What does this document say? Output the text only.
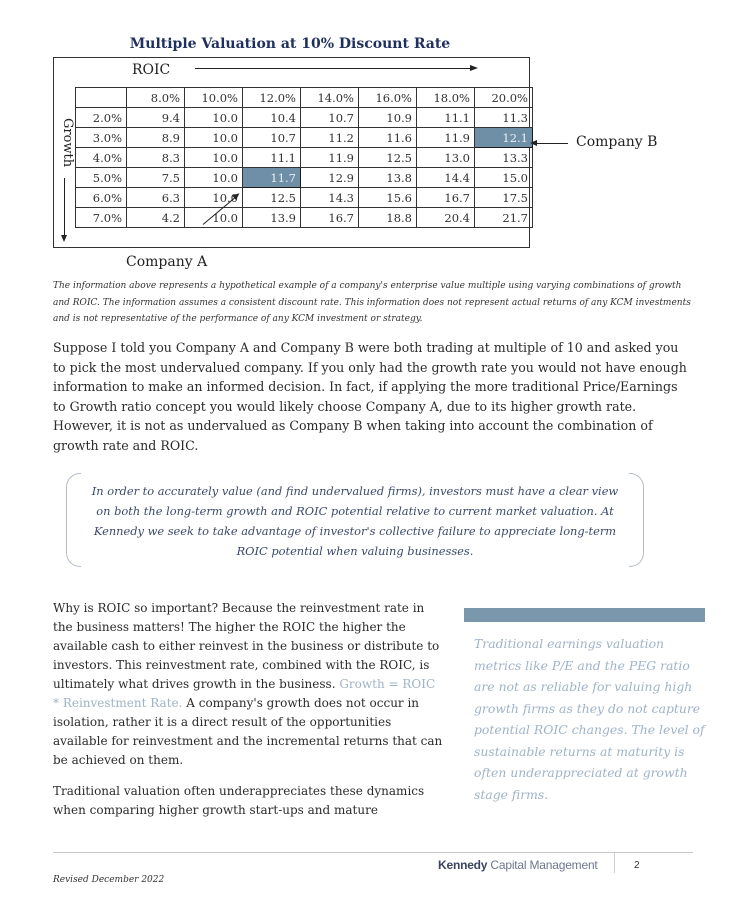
Multiple Valuation at 10% Discount Rate
ROIC
Growth
	8.0%	10.0%	12.0%	14.0%	16.0%	18.0%	20.0%
2.0%	9.4	10.0	10.4	10.7	10.9	11.1	11.3
3.0%	8.9	10.0	10.7	11.2	11.6	11.9	12.1
4.0%	8.3	10.0	11.1	11.9	12.5	13.0	13.3
5.0%	7.5	10.0	11.7	12.9	13.8	14.4	15.0
6.0%	6.3	10.0	12.5	14.3	15.6	16.7	17.5
7.0%	4.2	10.0	13.9	16.7	18.8	20.4	21.7
Company B
Company A
The information above represents a hypothetical example of a company's enterprise value multiple using varying combinations of growth and ROIC. The information assumes a consistent discount rate. This information does not represent actual returns of any KCM investments and is not representative of the performance of any KCM investment or strategy.
Suppose I told you Company A and Company B were both trading at multiple of 10 and asked you to pick the most undervalued company. If you only had the growth rate you would not have enough information to make an informed decision. In fact, if applying the more traditional Price/Earnings to Growth ratio concept you would likely choose Company A, due to its higher growth rate. However, it is not as undervalued as Company B when taking into account the combination of growth rate and ROIC.
In order to accurately value (and find undervalued firms), investors must have a clear view on both the long-term growth and ROIC potential relative to current market valuation. At Kennedy we seek to take advantage of investor's collective failure to appreciate long-term ROIC potential when valuing businesses.

Why is ROIC so important? Because the reinvestment rate in the business matters! The higher the ROIC the higher the available cash to either reinvest in the business or distribute to investors. This reinvestment rate, combined with the ROIC, is ultimately what drives growth in the business. Growth = ROIC * Reinvestment Rate. A company's growth does not occur in isolation, rather it is a direct result of the opportunities available for reinvestment and the incremental returns that can be achieved on them.

Traditional valuation often underappreciates these dynamics when comparing higher growth start-ups and mature

Traditional earnings valuation metrics like P/E and the PEG ratio are not as reliable for valuing high growth firms as they do not capture potential ROIC changes. The level of sustainable returns at maturity is often underappreciated at growth stage firms.
Kennedy Capital Management	2
Revised December 2022
